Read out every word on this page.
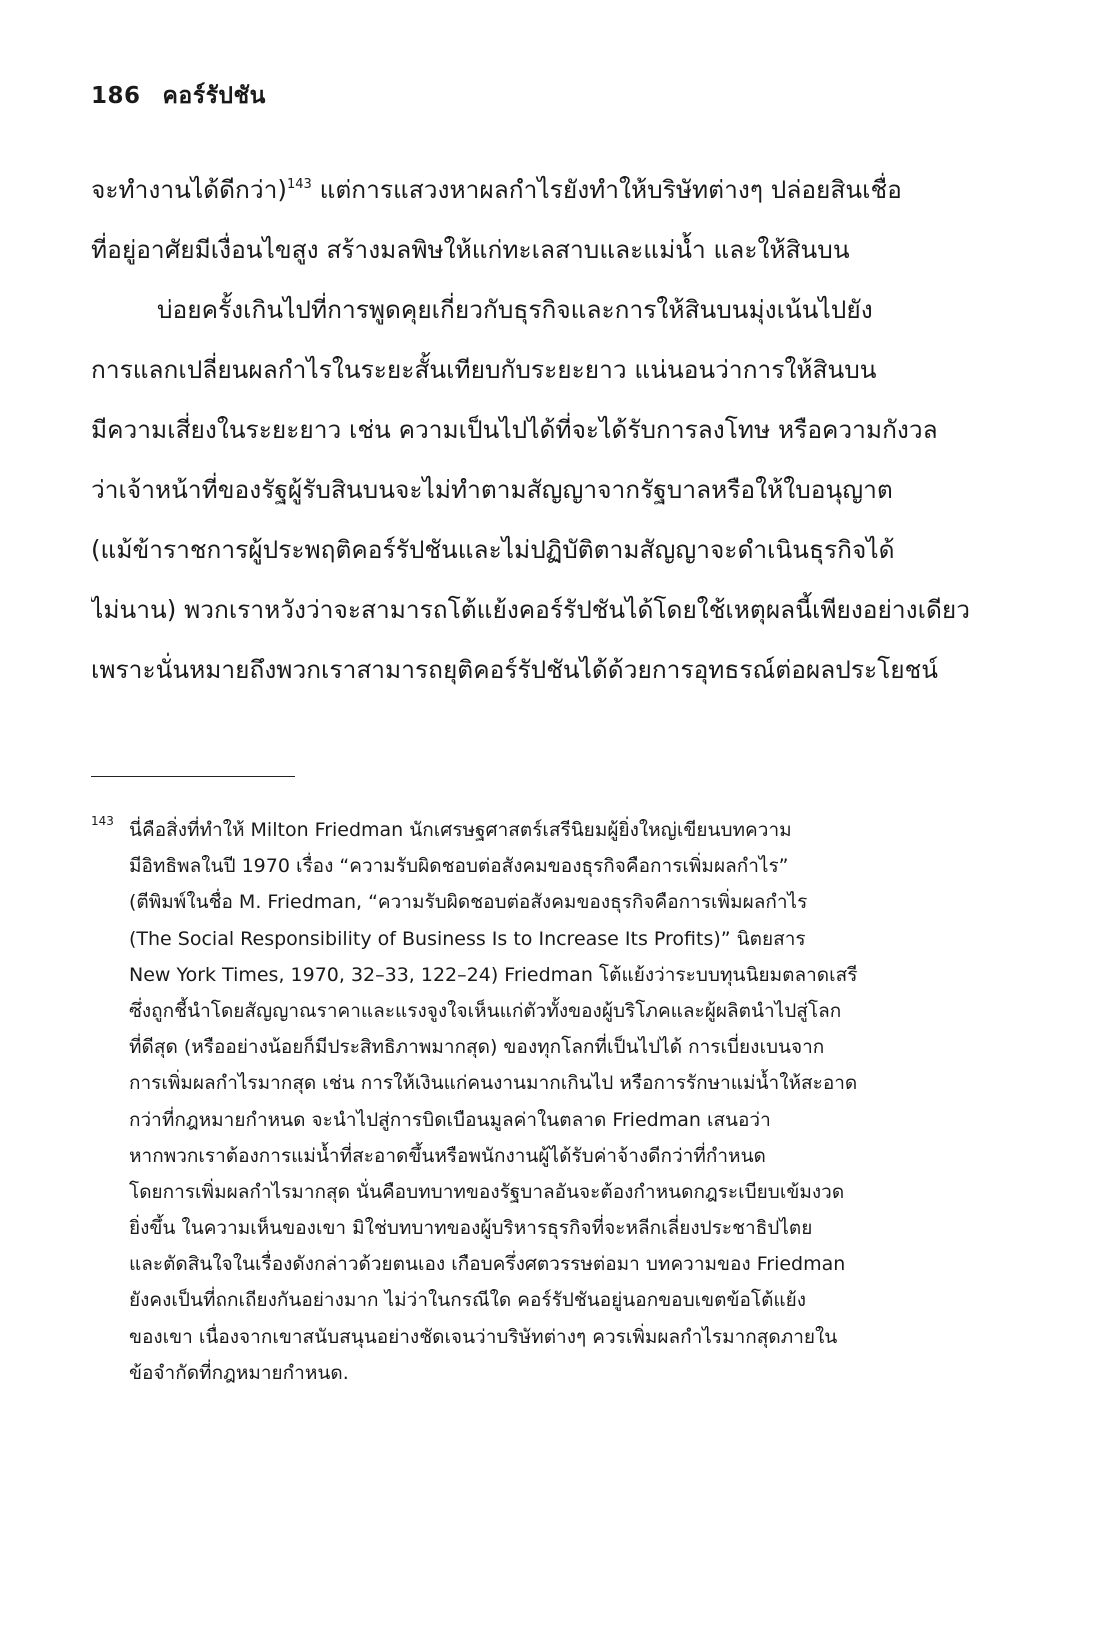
186 คอร์รัปชัน
จะทำงานได้ดีกว่า)$^{143}$ แต่การแสวงหาผลกำไรยังทำให้บริษัทต่างๆ ปล่อยสินเชื่อ
ที่อยู่อาศัยมีเงื่อนไขสูง สร้างมลพิษให้แก่ทะเลสาบและแม่น้ำ และให้สินบน
บ่อยครั้งเกินไปที่การพูดคุยเกี่ยวกับธุรกิจและการให้สินบนมุ่งเน้นไปยัง
การแลกเปลี่ยนผลกำไรในระยะสั้นเทียบกับระยะยาว แน่นอนว่าการให้สินบน
มีความเสี่ยงในระยะยาว เช่น ความเป็นไปได้ที่จะได้รับการลงโทษ หรือความกังวล
ว่าเจ้าหน้าที่ของรัฐผู้รับสินบนจะไม่ทำตามสัญญาจากรัฐบาลหรือให้ใบอนุญาต
(แม้ข้าราชการผู้ประพฤติคอร์รัปชันและไม่ปฏิบัติตามสัญญาจะดำเนินธุรกิจได้
ไม่นาน) พวกเราหวังว่าจะสามารถโต้แย้งคอร์รัปชันได้โดยใช้เหตุผลนี้เพียงอย่างเดียว
เพราะนั่นหมายถึงพวกเราสามารถยุติคอร์รัปชันได้ด้วยการอุทธรณ์ต่อผลประโยชน์
143 นี่คือสิ่งที่ทำให้ Milton Friedman นักเศรษฐศาสตร์เสรีนิยมผู้ยิ่งใหญ่เขียนบทความ
มีอิทธิพลในปี 1970 เรื่อง “ความรับผิดชอบต่อสังคมของธุรกิจคือการเพิ่มผลกำไร”
(ตีพิมพ์ในชื่อ M. Friedman, “ความรับผิดชอบต่อสังคมของธุรกิจคือการเพิ่มผลกำไร
(The Social Responsibility of Business Is to Increase Its Profits)” นิตยสาร
New York Times, 1970, 32–33, 122–24) Friedman โต้แย้งว่าระบบทุนนิยมตลาดเสรี
ซึ่งถูกชี้นำโดยสัญญาณราคาและแรงจูงใจเห็นแก่ตัวทั้งของผู้บริโภคและผู้ผลิตนำไปสู่โลก
ที่ดีสุด (หรืออย่างน้อยก็มีประสิทธิภาพมากสุด) ของทุกโลกที่เป็นไปได้ การเบี่ยงเบนจาก
การเพิ่มผลกำไรมากสุด เช่น การให้เงินแก่คนงานมากเกินไป หรือการรักษาแม่น้ำให้สะอาด
กว่าที่กฎหมายกำหนด จะนำไปสู่การบิดเบือนมูลค่าในตลาด Friedman เสนอว่า
หากพวกเราต้องการแม่น้ำที่สะอาดขึ้นหรือพนักงานผู้ได้รับค่าจ้างดีกว่าที่กำหนด
โดยการเพิ่มผลกำไรมากสุด นั่นคือบทบาทของรัฐบาลอันจะต้องกำหนดกฎระเบียบเข้มงวด
ยิ่งขึ้น ในความเห็นของเขา มิใช่บทบาทของผู้บริหารธุรกิจที่จะหลีกเลี่ยงประชาธิปไตย
และตัดสินใจในเรื่องดังกล่าวด้วยตนเอง เกือบครึ่งศตวรรษต่อมา บทความของ Friedman
ยังคงเป็นที่ถกเถียงกันอย่างมาก ไม่ว่าในกรณีใด คอร์รัปชันอยู่นอกขอบเขตข้อโต้แย้ง
ของเขา เนื่องจากเขาสนับสนุนอย่างชัดเจนว่าบริษัทต่างๆ ควรเพิ่มผลกำไรมากสุดภายใน
ข้อจำกัดที่กฎหมายกำหนด.
